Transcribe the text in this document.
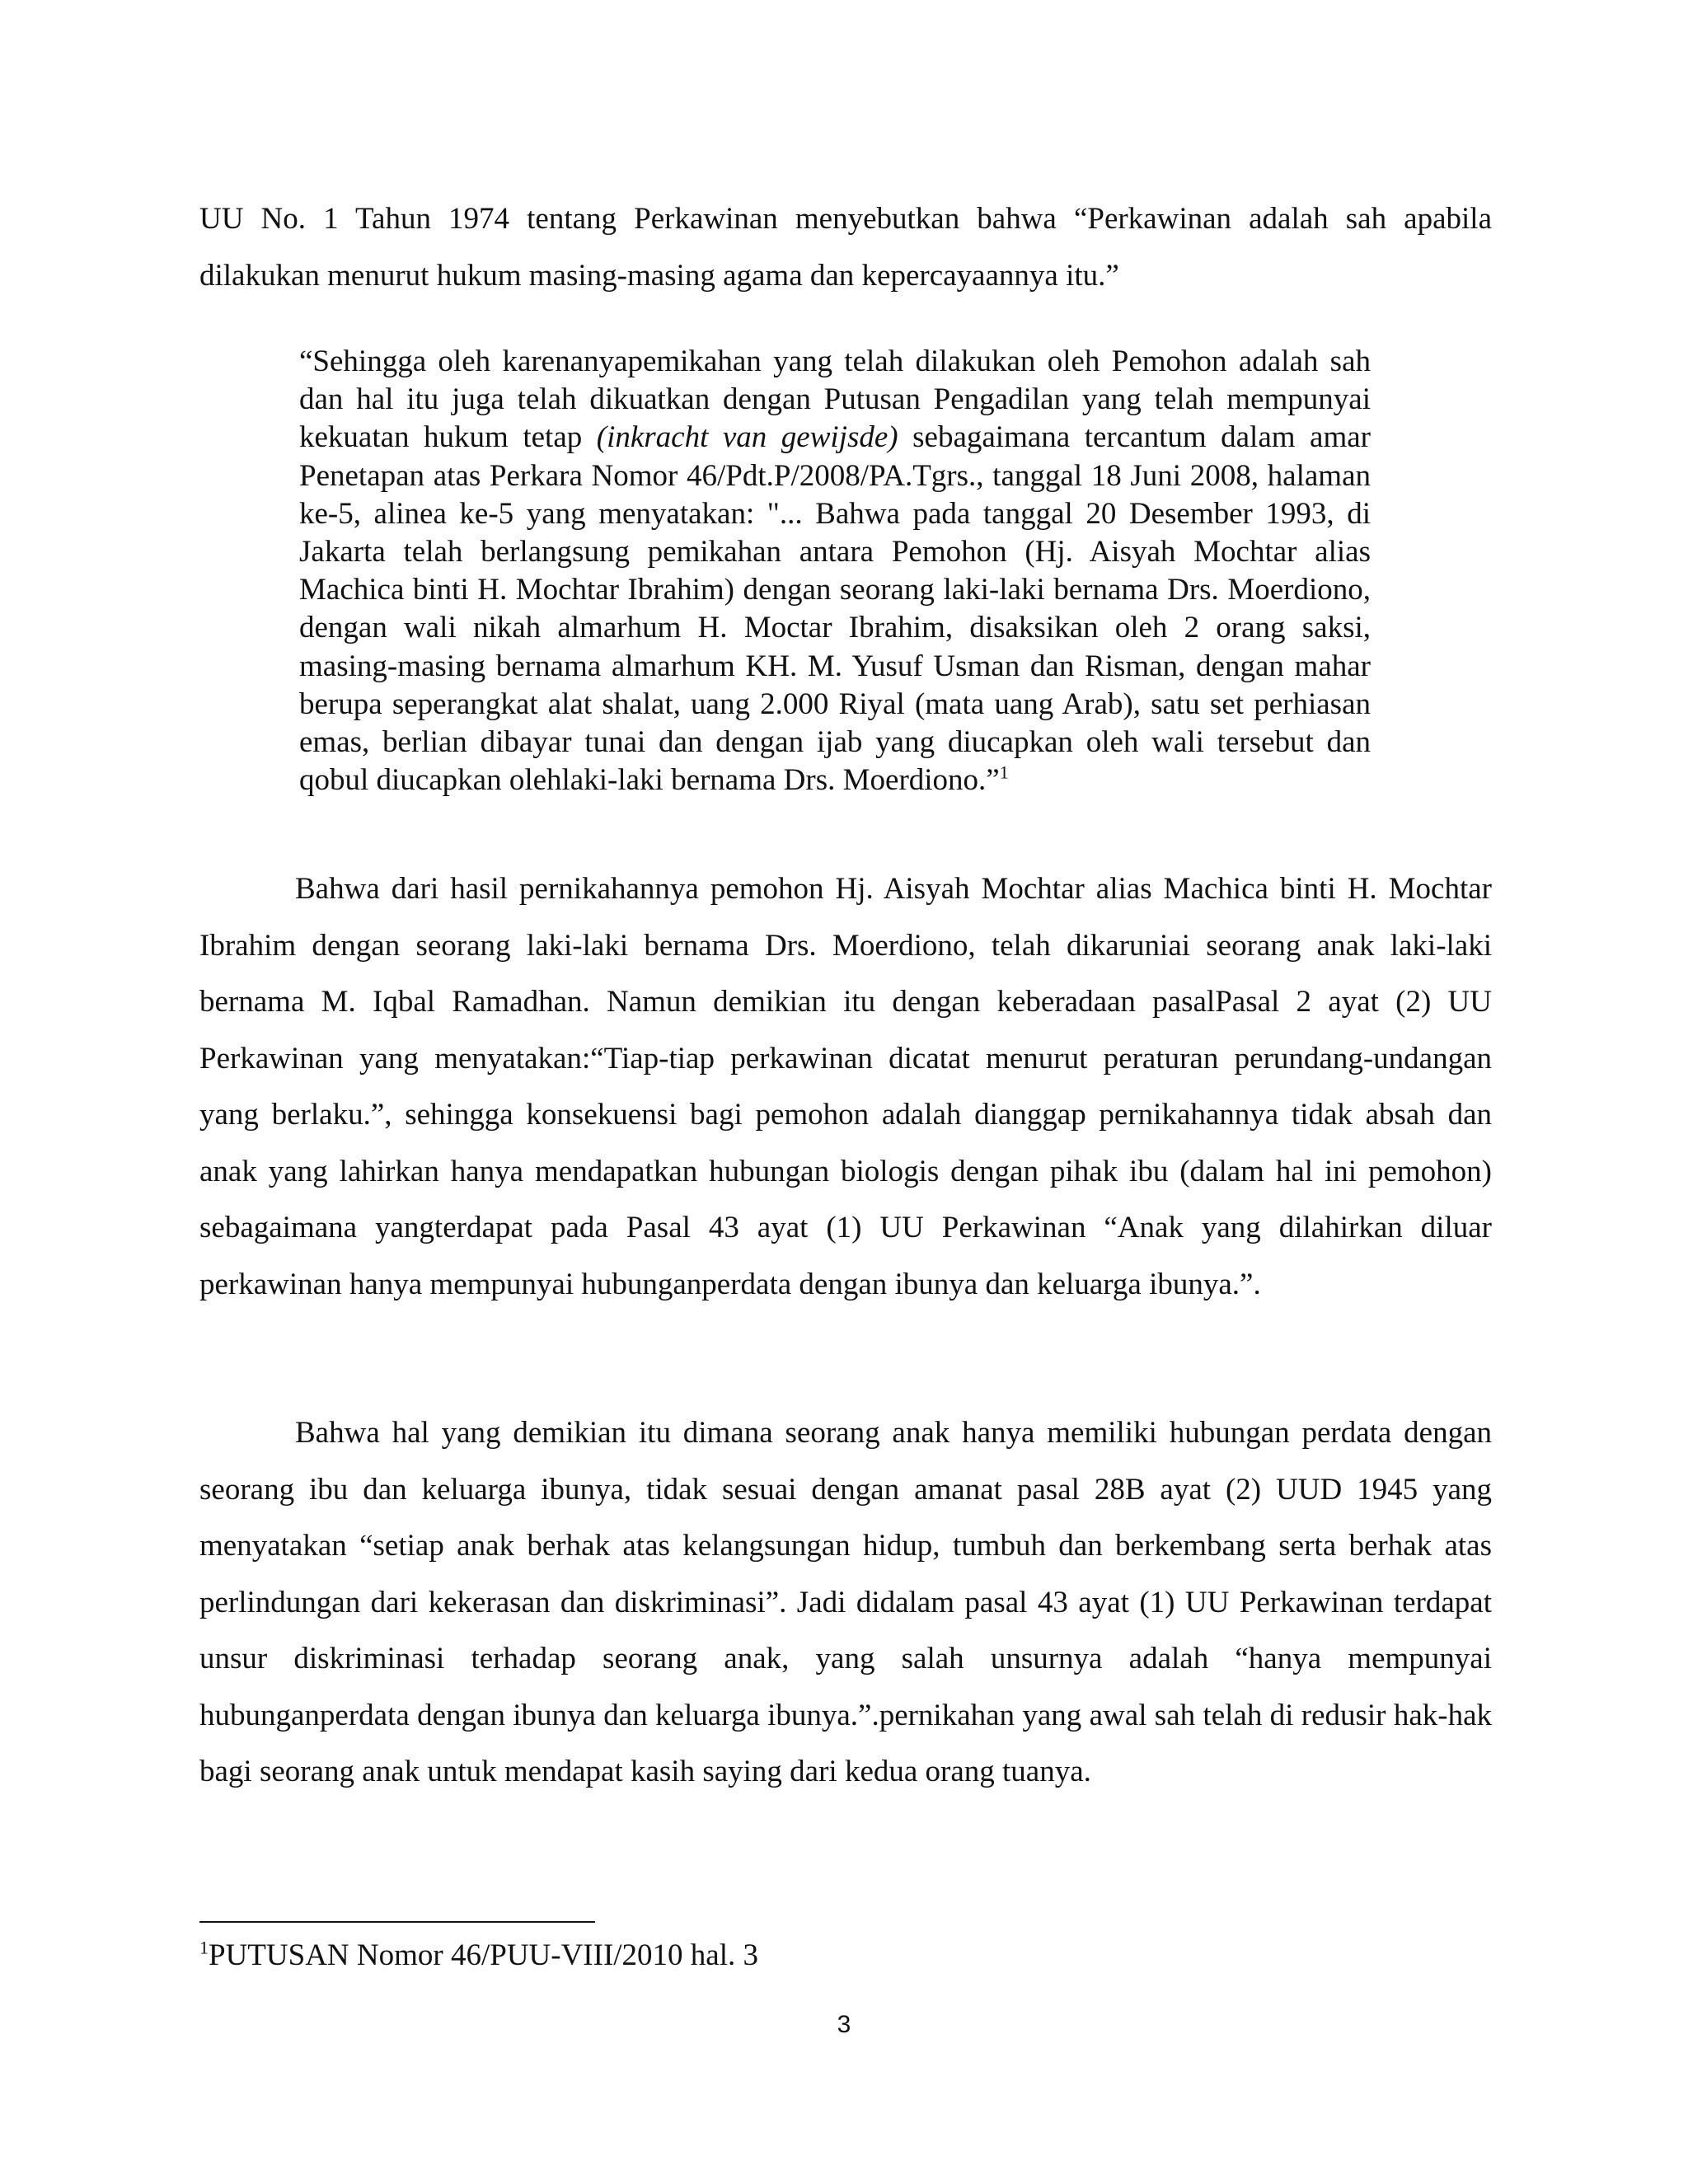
UU No. 1 Tahun 1974 tentang Perkawinan menyebutkan bahwa “Perkawinan adalah sah apabila dilakukan menurut hukum masing-masing agama dan kepercayaannya itu.”

“Sehingga oleh karenanyapemikahan yang telah dilakukan oleh Pemohon adalah sah dan hal itu juga telah dikuatkan dengan Putusan Pengadilan yang telah mempunyai kekuatan hukum tetap (inkracht van gewijsde) sebagaimana tercantum dalam amar Penetapan atas Perkara Nomor 46/Pdt.P/2008/PA.Tgrs., tanggal 18 Juni 2008, halaman ke-5, alinea ke-5 yang menyatakan: "... Bahwa pada tanggal 20 Desember 1993, di Jakarta telah berlangsung pemikahan antara Pemohon (Hj. Aisyah Mochtar alias Machica binti H. Mochtar Ibrahim) dengan seorang laki-laki bernama Drs. Moerdiono, dengan wali nikah almarhum H. Moctar Ibrahim, disaksikan oleh 2 orang saksi, masing-masing bernama almarhum KH. M. Yusuf Usman dan Risman, dengan mahar berupa seperangkat alat shalat, uang 2.000 Riyal (mata uang Arab), satu set perhiasan emas, berlian dibayar tunai dan dengan ijab yang diucapkan oleh wali tersebut dan qobul diucapkan olehlaki-laki bernama Drs. Moerdiono.”$^1$

Bahwa dari hasil pernikahannya pemohon Hj. Aisyah Mochtar alias Machica binti H. Mochtar Ibrahim dengan seorang laki-laki bernama Drs. Moerdiono, telah dikaruniai seorang anak laki-laki bernama M. Iqbal Ramadhan. Namun demikian itu dengan keberadaan pasalPasal 2 ayat (2) UU Perkawinan yang menyatakan:“Tiap-tiap perkawinan dicatat menurut peraturan perundang-undangan yang berlaku.”, sehingga konsekuensi bagi pemohon adalah dianggap pernikahannya tidak absah dan anak yang lahirkan hanya mendapatkan hubungan biologis dengan pihak ibu (dalam hal ini pemohon) sebagaimana yangterdapat pada Pasal 43 ayat (1) UU Perkawinan “Anak yang dilahirkan diluar perkawinan hanya mempunyai hubunganperdata dengan ibunya dan keluarga ibunya.”.

Bahwa hal yang demikian itu dimana seorang anak hanya memiliki hubungan perdata dengan seorang ibu dan keluarga ibunya, tidak sesuai dengan amanat pasal 28B ayat (2) UUD 1945 yang menyatakan “setiap anak berhak atas kelangsungan hidup, tumbuh dan berkembang serta berhak atas perlindungan dari kekerasan dan diskriminasi”. Jadi didalam pasal 43 ayat (1) UU Perkawinan terdapat unsur diskriminasi terhadap seorang anak, yang salah unsurnya adalah “hanya mempunyai hubunganperdata dengan ibunya dan keluarga ibunya.”.pernikahan yang awal sah telah di redusir hak-hak bagi seorang anak untuk mendapat kasih saying dari kedua orang tuanya.

$^1$PUTUSAN Nomor 46/PUU-VIII/2010 hal. 3

3
